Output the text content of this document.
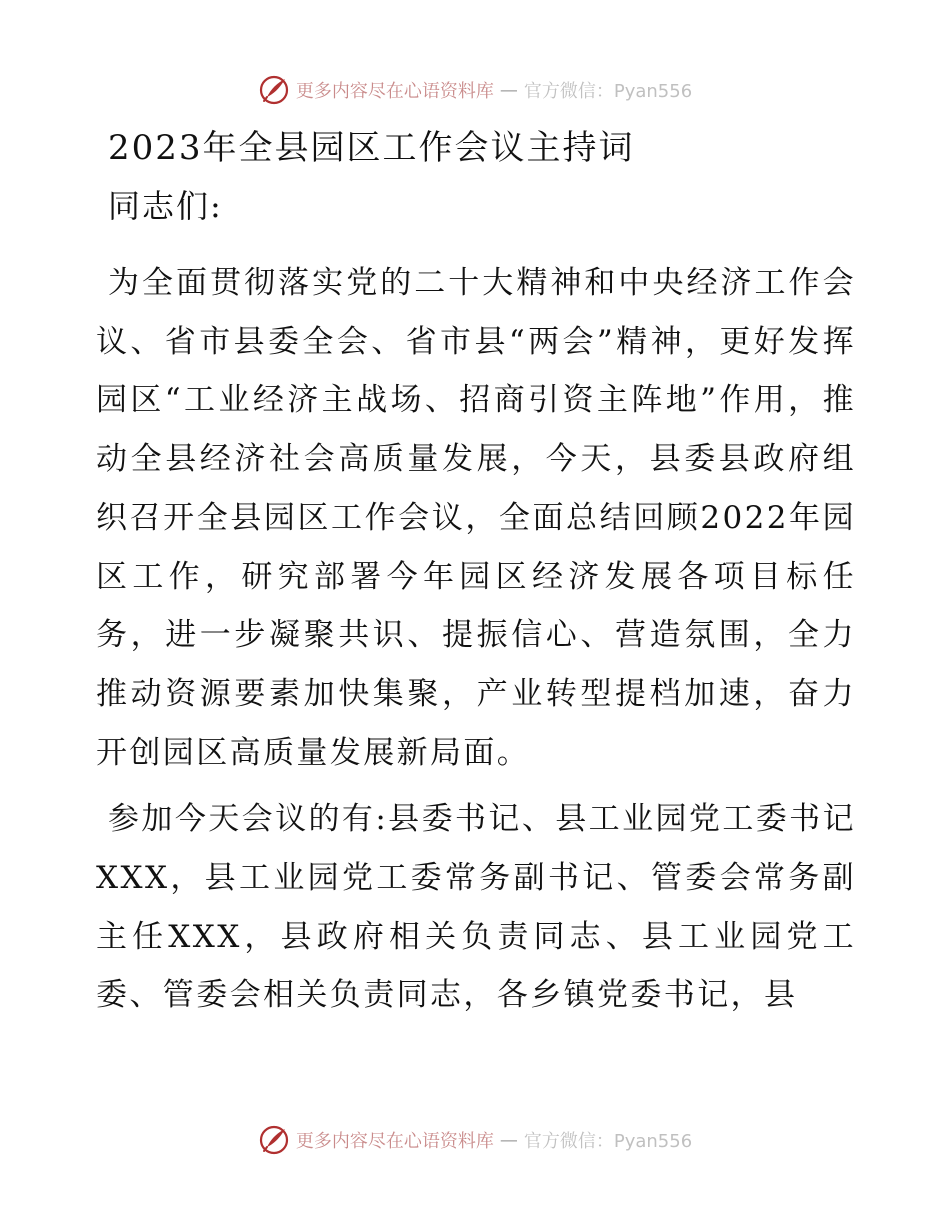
更多内容尽在心语资料库 — 官方微信：Pyan556
2023年全县园区工作会议主持词

同志们:

为全面贯彻落实党的二十大精神和中央经济工作会议、省市县委全会、省市县“两会”精神，更好发挥园区“工业经济主战场、招商引资主阵地”作用，推动全县经济社会高质量发展，今天，县委县政府组织召开全县园区工作会议，全面总结回顾2022年园区工作，研究部署今年园区经济发展各项目标任务，进一步凝聚共识、提振信心、营造氛围，全力推动资源要素加快集聚，产业转型提档加速，奋力开创园区高质量发展新局面。

参加今天会议的有:县委书记、县工业园党工委书记XXX，县工业园党工委常务副书记、管委会常务副主任XXX，县政府相关负责同志、县工业园党工委、管委会相关负责同志，各乡镇党委书记，县

更多内容尽在心语资料库 — 官方微信：Pyan556
